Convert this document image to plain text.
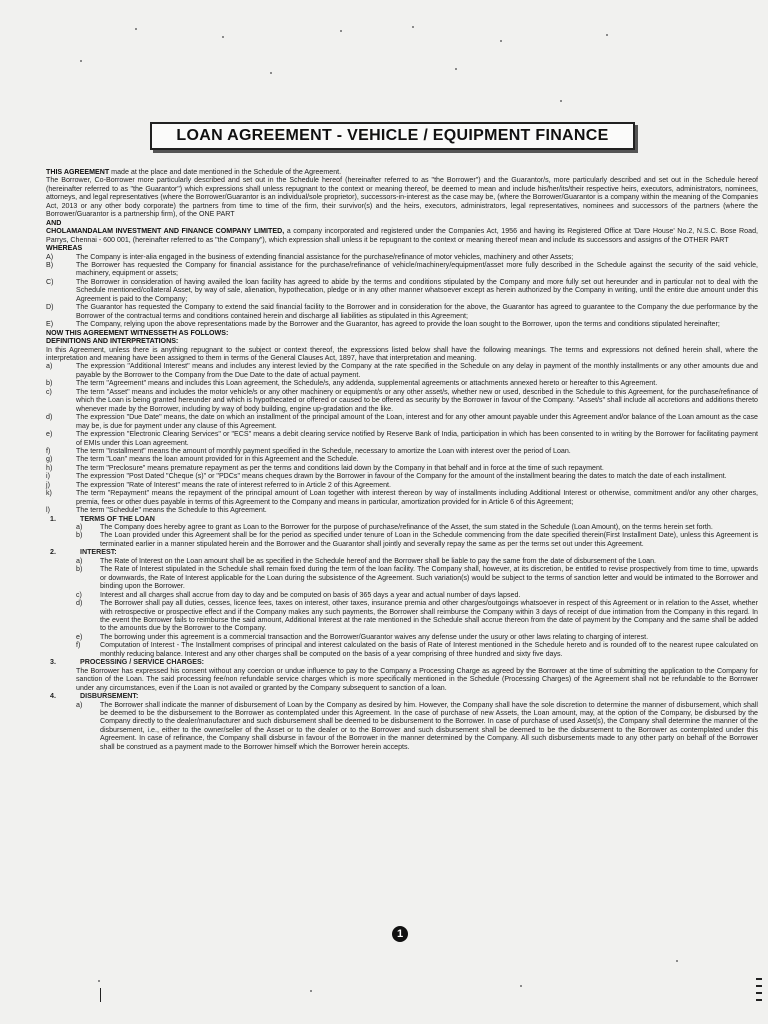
LOAN AGREEMENT - VEHICLE / EQUIPMENT FINANCE

THIS AGREEMENT made at the place and date mentioned in the Schedule of the Agreement.

The Borrower, Co-Borrower more particularly described and set out in the Schedule hereof (hereinafter referred to as "the Borrower") and the Guarantor/s, more particularly described and set out in the Schedule hereof (hereinafter referred to as "the Guarantor") which expressions shall unless repugnant to the context or meaning thereof, be deemed to mean and include his/her/its/their respective heirs, executors, administrators, nominees, attorneys, and legal representatives (where the Borrower/Guarantor is an individual/sole proprietor), successors-in-interest as the case may be, (where the Borrower/Guarantor is a company within the meaning of the Companies Act, 2013 or any other body corporate) the partners from time to time of the firm, their survivor(s) and the heirs, executors, administrators, legal representatives, nominees and successors of the partners (where the Borrower/Guarantor is a partnership firm), of the ONE PART

AND

CHOLAMANDALAM INVESTMENT AND FINANCE COMPANY LIMITED, a company incorporated and registered under the Companies Act, 1956 and having its Registered Office at 'Dare House' No.2, N.S.C. Bose Road, Parrys, Chennai - 600 001, (hereinafter referred to as "the Company"), which expression shall unless it be repugnant to the context or meaning thereof mean and include its successors and assigns of the OTHER PART

WHEREAS

A)	The Company is inter-alia engaged in the business of extending financial assistance for the purchase/refinance of motor vehicles, machinery and other Assets;

B)	The Borrower has requested the Company for financial assistance for the purchase/refinance of vehicle/machinery/equipment/asset more fully described in the Schedule against the security of the said vehicle, machinery, equipment or assets;

C)	The Borrower in consideration of having availed the loan facility has agreed to abide by the terms and conditions stipulated by the Company and more fully set out hereunder and in particular not to deal with the Schedule mentioned/collateral Asset, by way of sale, alienation, hypothecation, pledge or in any other manner whatsoever except as herein authorized by the Company in writing, until the entire due amount under this Agreement is paid to the Company;

D)	The Guarantor has requested the Company to extend the said financial facility to the Borrower and in consideration for the above, the Guarantor has agreed to guarantee to the Company the due performance by the Borrower of the contractual terms and conditions contained herein and discharge all liabilities as stipulated in this Agreement;

E)	The Company, relying upon the above representations made by the Borrower and the Guarantor, has agreed to provide the loan sought to the Borrower, upon the terms and conditions stipulated hereinafter;

NOW THIS AGREEMENT WITNESSETH AS FOLLOWS:

DEFINITIONS AND INTERPRETATIONS:

In this Agreement, unless there is anything repugnant to the subject or context thereof, the expressions listed below shall have the following meanings. The terms and expressions not defined herein shall, where the interpretation and meaning have been assigned to them in terms of the General Clauses Act, 1897, have that interpretation and meaning.

a)	The expression "Additional Interest" means and includes any interest levied by the Company at the rate specified in the Schedule on any delay in payment of the monthly installments or any other amounts due and payable by the Borrower to the Company from the Due Date to the date of actual payment.

b)	The term "Agreement" means and includes this Loan agreement, the Schedule/s, any addenda, supplemental agreements or attachments annexed hereto or hereafter to this Agreement.

c)	The term "Asset" means and includes the motor vehicle/s or any other machinery or equipment/s or any other asset/s, whether new or used, described in the Schedule to this Agreement, for the purchase/refinance of which the Loan is being granted hereunder and which is hypothecated or offered or caused to be offered as security by the Borrower in favour of the Company. "Asset/s" shall include all accretions and additions thereto whenever made by the Borrower, including by way of body building, engine up-gradation and the like.

d)	The expression "Due Date" means, the date on which an installment of the principal amount of the Loan, interest and for any other amount payable under this Agreement and/or balance of the Loan amount as the case may be, is due for payment under any clause of this Agreement.

e)	The expression "Electronic Clearing Services" or "ECS" means a debit clearing service notified by Reserve Bank of India, participation in which has been consented to in writing by the Borrower for facilitating payment of EMIs under this Loan agreement.

f)	The term "Installment" means the amount of monthly payment specified in the Schedule, necessary to amortize the Loan with interest over the period of Loan.

g)	The term "Loan" means the loan amount provided for in this Agreement and the Schedule.

h)	The term "Preclosure" means premature repayment as per the terms and conditions laid down by the Company in that behalf and in force at the time of such repayment.

i)	The expression "Post Dated "Cheque (s)" or "PDCs" means cheques drawn by the Borrower in favour of the Company for the amount of the installment bearing the dates to match the date of each installment.

j)	The expression "Rate of Interest" means the rate of interest referred to in Article 2 of this Agreement.

k)	The term "Repayment" means the repayment of the principal amount of Loan together with interest thereon by way of installments including Additional Interest or otherwise, commitment and/or any other charges, premia, fees or other dues payable in terms of this Agreement to the Company and means in particular, amortization provided for in Article 6 of this Agreement;

l)	The term "Schedule" means the Schedule to this Agreement.

1.	TERMS OF THE LOAN
a)	The Company does hereby agree to grant as Loan to the Borrower for the purpose of purchase/refinance of the Asset, the sum stated in the Schedule (Loan Amount), on the terms herein set forth.

b)	The Loan provided under this Agreement shall be for the period as specified under tenure of Loan in the Schedule commencing from the date specified therein(First Installment Date), unless this Agreement is terminated earlier in a manner stipulated herein and the Borrower and the Guarantor shall jointly and severally repay the same as per the terms set out under this Agreement.

2.	INTEREST:
a)	The Rate of Interest on the Loan amount shall be as specified in the Schedule hereof and the Borrower shall be liable to pay the same from the date of disbursement of the Loan.

b)	The Rate of Interest stipulated in the Schedule shall remain fixed during the term of the loan facility. The Company shall, however, at its discretion, be entitled to revise prospectively from time to time, upwards or downwards, the Rate of Interest applicable for the Loan during the subsistence of the Agreement. Such variation(s) would be subject to the terms of sanction letter and would be intimated to the Borrower and binding upon the Borrower.

c)	Interest and all charges shall accrue from day to day and be computed on basis of 365 days a year and actual number of days lapsed.

d)	The Borrower shall pay all duties, cesses, licence fees, taxes on interest, other taxes, insurance premia and other charges/outgoings whatsoever in respect of this Agreement or in relation to the Asset, whether with retrospective or prospective effect and if the Company makes any such payments, the Borrower shall reimburse the Company within 3 days of receipt of due intimation from the Company in this regard. In the event the Borrower fails to reimburse the said amount, Additional Interest at the rate mentioned in the Schedule shall accrue thereon from the date of payment by the Company and the same shall be added to the amounts due by the Borrower to the Company.

e)	The borrowing under this agreement is a commercial transaction and the Borrower/Guarantor waives any defense under the usury or other laws relating to charging of interest.

f)	Computation of Interest - The Installment comprises of principal and interest calculated on the basis of Rate of Interest mentioned in the Schedule hereto and is rounded off to the nearest rupee calculated on monthly reducing balance. Interest and any other charges shall be computed on the basis of a year comprising of three hundred and sixty five days.

3.	PROCESSING / SERVICE CHARGES:

The Borrower has expressed his consent without any coercion or undue influence to pay to the Company a Processing Charge as agreed by the Borrower at the time of submitting the application to the Company for sanction of the Loan. The said processing fee/non refundable service charges which is more specifically mentioned in the Schedule (Processing Charges) of the Agreement shall not be refundable to the Borrower under any circumstances, even if the Loan is not availed or granted by the Company subsequent to sanction of a loan.

4.	DISBURSEMENT:
a)	The Borrower shall indicate the manner of disbursement of Loan by the Company as desired by him. However, the Company shall have the sole discretion to determine the manner of disbursement, which shall be deemed to be the disbursement to the Borrower as contemplated under this Agreement. In the case of purchase of new Assets, the Loan amount, may, at the option of the Company, be disbursed by the Company directly to the dealer/manufacturer and such disbursement shall be deemed to be disbursement to the Borrower. In case of purchase of used Asset(s), the Company shall determine the manner of the disbursement, i.e., either to the owner/seller of the Asset or to the dealer or to the Borrower and such disbursement shall be deemed to be the disbursement to the Borrower as contemplated under this Agreement. In case of refinance, the Company shall disburse in favour of the Borrower in the manner determined by the Company. All such disbursements made to any other party on behalf of the Borrower shall be construed as a payment made to the Borrower himself which the Borrower herein accepts.

1
